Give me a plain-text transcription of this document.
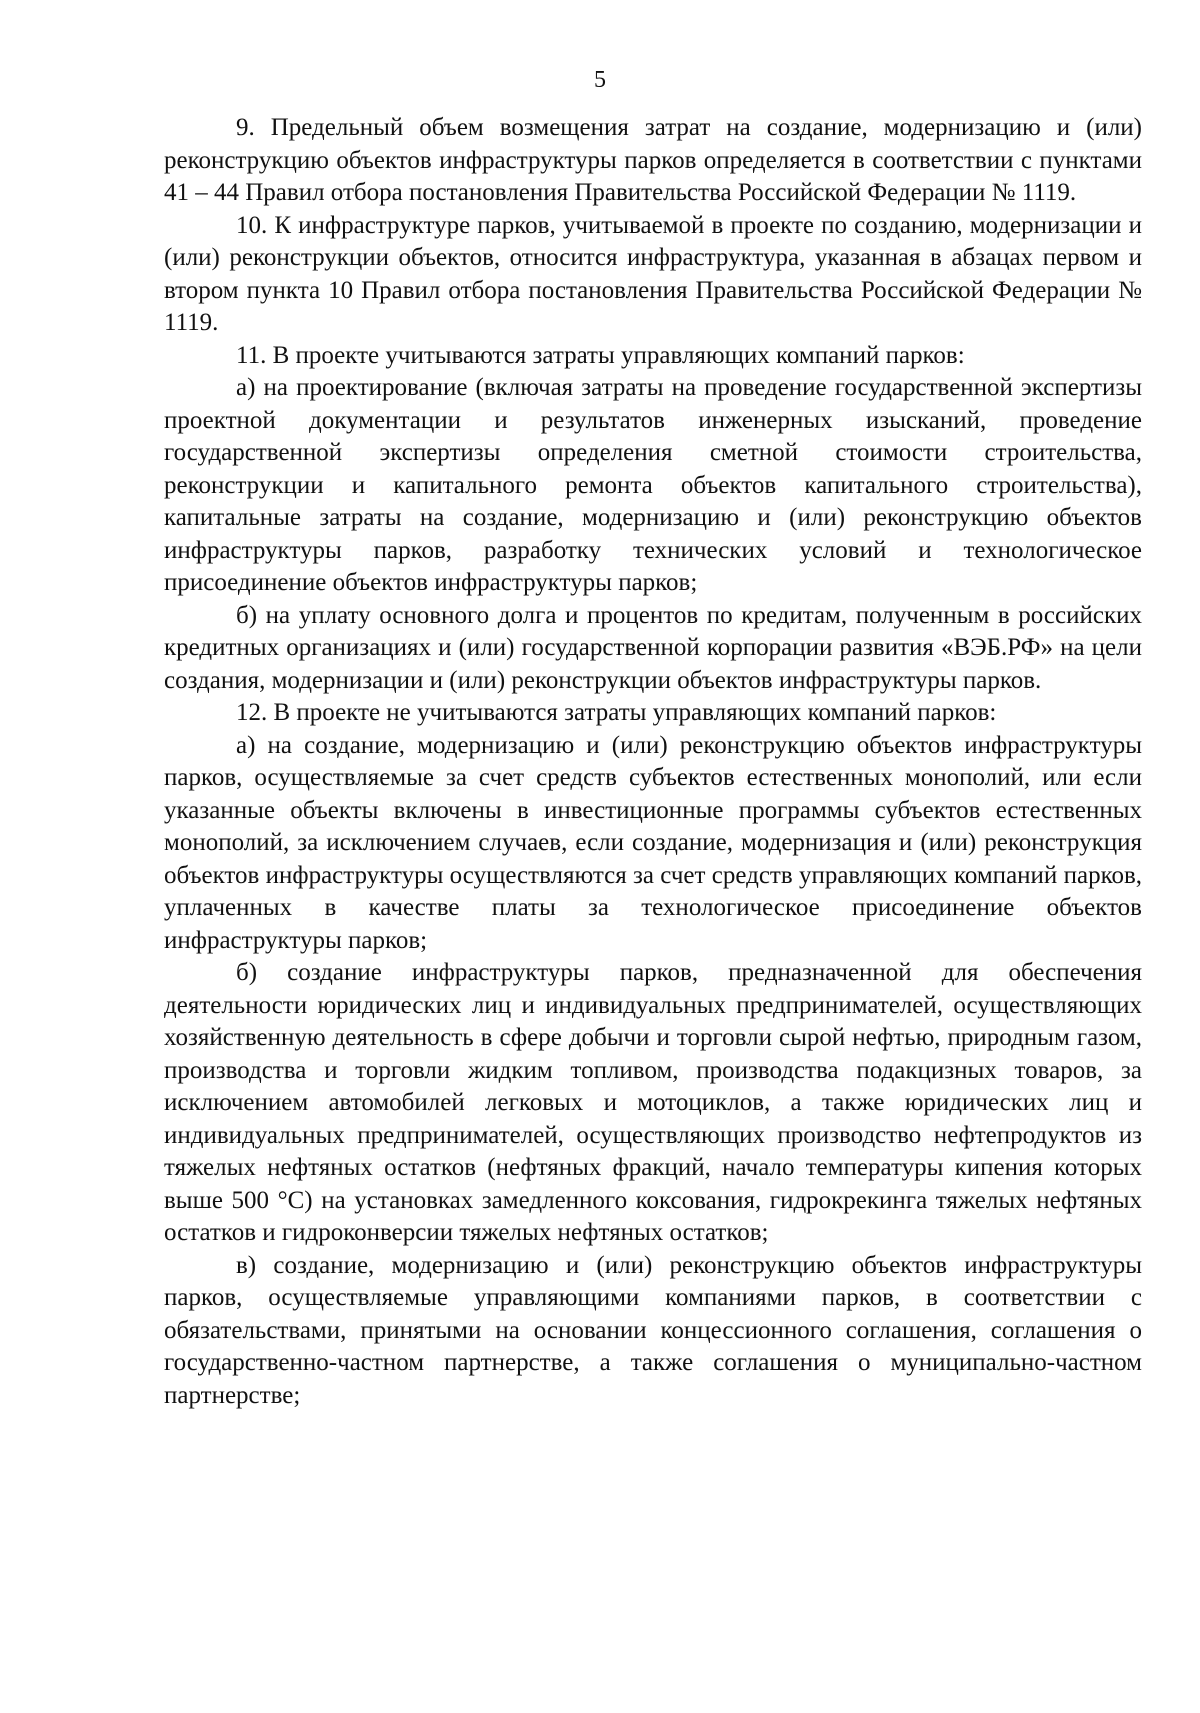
5

9. Предельный объем возмещения затрат на создание, модернизацию и (или) реконструкцию объектов инфраструктуры парков определяется в соответствии с пунктами 41 – 44 Правил отбора постановления Правительства Российской Федерации № 1119.

10. К инфраструктуре парков, учитываемой в проекте по созданию, модернизации и (или) реконструкции объектов, относится инфраструктура, указанная в абзацах первом и втором пункта 10 Правил отбора постановления Правительства Российской Федерации № 1119.

11. В проекте учитываются затраты управляющих компаний парков:

а) на проектирование (включая затраты на проведение государственной экспертизы проектной документации и результатов инженерных изысканий, проведение государственной экспертизы определения сметной стоимости строительства, реконструкции и капитального ремонта объектов капитального строительства), капитальные затраты на создание, модернизацию и (или) реконструкцию объектов инфраструктуры парков, разработку технических условий и технологическое присоединение объектов инфраструктуры парков;

б) на уплату основного долга и процентов по кредитам, полученным в российских кредитных организациях и (или) государственной корпорации развития «ВЭБ.РФ» на цели создания, модернизации и (или) реконструкции объектов инфраструктуры парков.

12. В проекте не учитываются затраты управляющих компаний парков:

а) на создание, модернизацию и (или) реконструкцию объектов инфраструктуры парков, осуществляемые за счет средств субъектов естественных монополий, или если указанные объекты включены в инвестиционные программы субъектов естественных монополий, за исключением случаев, если создание, модернизация и (или) реконструкция объектов инфраструктуры осуществляются за счет средств управляющих компаний парков, уплаченных в качестве платы за технологическое присоединение объектов инфраструктуры парков;

б) создание инфраструктуры парков, предназначенной для обеспечения деятельности юридических лиц и индивидуальных предпринимателей, осуществляющих хозяйственную деятельность в сфере добычи и торговли сырой нефтью, природным газом, производства и торговли жидким топливом, производства подакцизных товаров, за исключением автомобилей легковых и мотоциклов, а также юридических лиц и индивидуальных предпринимателей, осуществляющих производство нефтепродуктов из тяжелых нефтяных остатков (нефтяных фракций, начало температуры кипения которых выше 500 °С) на установках замедленного коксования, гидрокрекинга тяжелых нефтяных остатков и гидроконверсии тяжелых нефтяных остатков;

в) создание, модернизацию и (или) реконструкцию объектов инфраструктуры парков, осуществляемые управляющими компаниями парков, в соответствии с обязательствами, принятыми на основании концессионного соглашения, соглашения о государственно-частном партнерстве, а также соглашения о муниципально-частном партнерстве;
